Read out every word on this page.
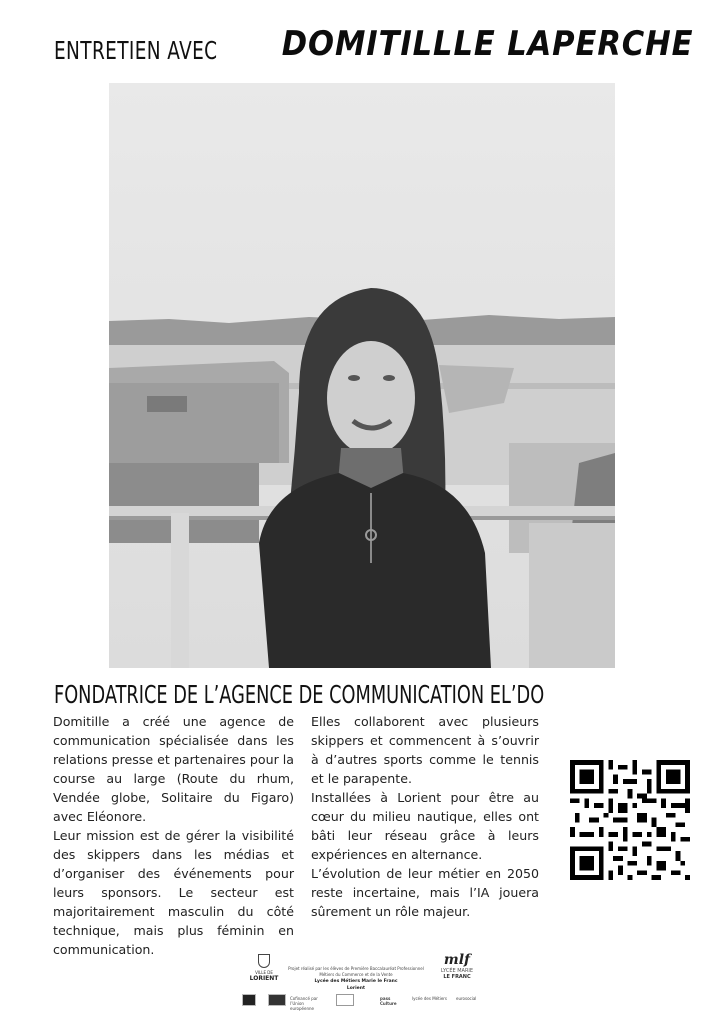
ENTRETIEN AVEC DOMITILLLE LAPERCHE
FONDATRICE DE L’AGENCE DE COMMUNICATION EL’DO

Domitille a créé une agence de communication spécialisée dans les relations presse et partenaires pour la course au large (Route du rhum, Vendée globe, Solitaire du Figaro) avec Eléonore.

Leur mission est de gérer la visibilité des skippers dans les médias et d’organiser des événements pour leurs sponsors. Le secteur est majoritairement masculin du côté technique, mais plus féminin en communication.

Elles collaborent avec plusieurs skippers et commencent à s’ouvrir à d’autres sports comme le tennis et le parapente.

Installées à Lorient pour être au cœur du milieu nautique, elles ont bâti leur réseau grâce à leurs expériences en alternance.

L’évolution de leur métier en 2050 reste incertaine, mais l’IA jouera sûrement un rôle majeur.

VILLE DE
LORIENT
Projet réalisé par les élèves de Première Baccalauréat Professionnel
Métiers du Commerce et de la Vente
Lycée des Métiers Marie le Franc
Lorient
mlf
LYCÉE MARIE
LE FRANC
Cofinancé par l’Union européenne
pass Culture
lycée des Métiers	eurosocial
